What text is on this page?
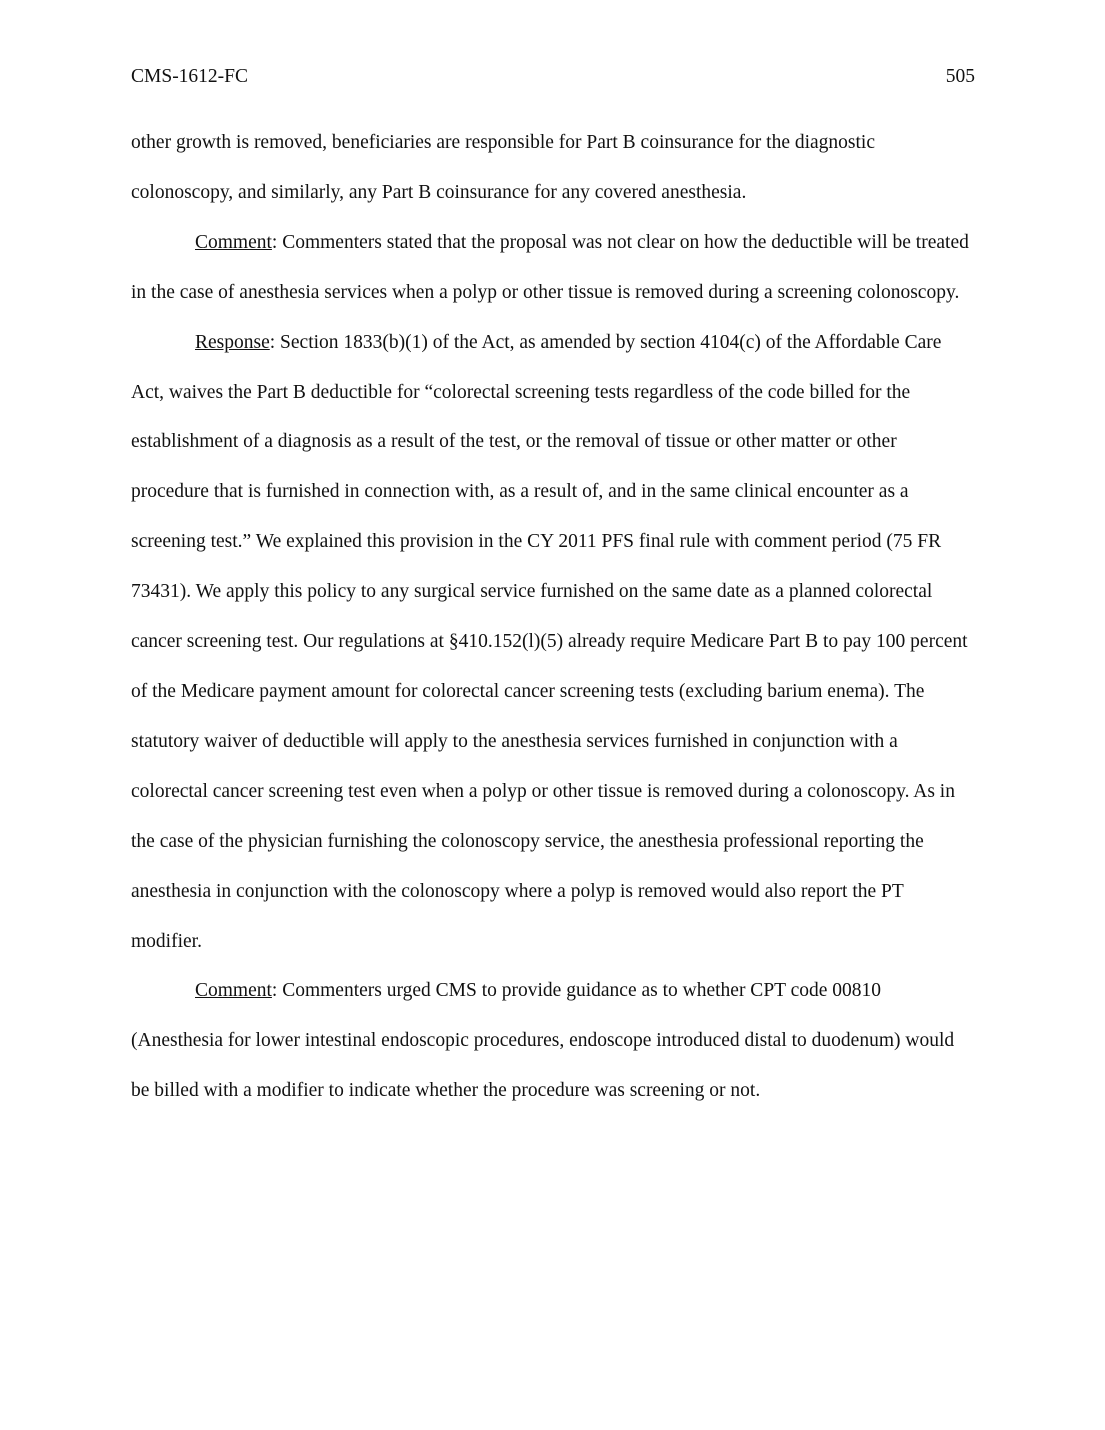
CMS-1612-FC	505

other growth is removed, beneficiaries are responsible for Part B coinsurance for the diagnostic colonoscopy, and similarly, any Part B coinsurance for any covered anesthesia.

Comment: Commenters stated that the proposal was not clear on how the deductible will be treated in the case of anesthesia services when a polyp or other tissue is removed during a screening colonoscopy.

Response: Section 1833(b)(1) of the Act, as amended by section 4104(c) of the Affordable Care Act, waives the Part B deductible for “colorectal screening tests regardless of the code billed for the establishment of a diagnosis as a result of the test, or the removal of tissue or other matter or other procedure that is furnished in connection with, as a result of, and in the same clinical encounter as a screening test.” We explained this provision in the CY 2011 PFS final rule with comment period (75 FR 73431). We apply this policy to any surgical service furnished on the same date as a planned colorectal cancer screening test. Our regulations at §410.152(l)(5) already require Medicare Part B to pay 100 percent of the Medicare payment amount for colorectal cancer screening tests (excluding barium enema). The statutory waiver of deductible will apply to the anesthesia services furnished in conjunction with a colorectal cancer screening test even when a polyp or other tissue is removed during a colonoscopy. As in the case of the physician furnishing the colonoscopy service, the anesthesia professional reporting the anesthesia in conjunction with the colonoscopy where a polyp is removed would also report the PT modifier.

Comment: Commenters urged CMS to provide guidance as to whether CPT code 00810 (Anesthesia for lower intestinal endoscopic procedures, endoscope introduced distal to duodenum) would be billed with a modifier to indicate whether the procedure was screening or not.
